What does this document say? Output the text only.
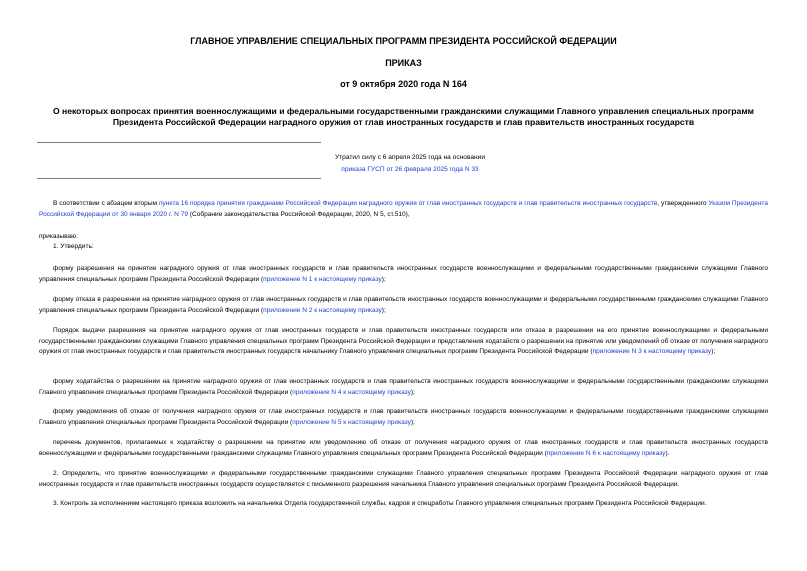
ГЛАВНОЕ УПРАВЛЕНИЕ СПЕЦИАЛЬНЫХ ПРОГРАММ ПРЕЗИДЕНТА РОССИЙСКОЙ ФЕДЕРАЦИИ
ПРИКАЗ
от 9 октября 2020 года N 164
О некоторых вопросах принятия военнослужащими и федеральными государственными гражданскими служащими Главного управления специальных программ Президента Российской Федерации наградного оружия от глав иностранных государств и глав правительств иностранных государств
Утратил силу с 6 апреля 2025 года на основании
приказа ГУСП от 26 февраля 2025 года N 33
В соответствии с абзацем вторым пункта 16 порядка принятия гражданами Российской Федерации наградного оружия от глав иностранных государств и глав правительств иностранных государств, утвержденного Указом Президента Российской Федерации от 30 января 2020 г. N 79 (Собрание законодательства Российской Федерации, 2020, N 5, ст.510),
приказываю:
1. Утвердить:
форму разрешения на принятие наградного оружия от глав иностранных государств и глав правительств иностранных государств военнослужащими и федеральными государственными гражданскими служащими Главного управления специальных программ Президента Российской Федерации (приложение N 1 к настоящему приказу);
форму отказа в разрешении на принятие наградного оружия от глав иностранных государств и глав правительств иностранных государств военнослужащими и федеральными государственными гражданскими служащими Главного управления специальных программ Президента Российской Федерации (приложение N 2 к настоящему приказу);
Порядок выдачи разрешения на принятие наградного оружия от глав иностранных государств и глав правительств иностранных государств или отказа в разрешении на его принятие военнослужащими и федеральными государственными гражданскими служащими Главного управления специальных программ Президента Российской Федерации и представления ходатайств о разрешении на принятие или уведомлений об отказе от получения наградного оружия от глав иностранных государств и глав правительств иностранных государств начальнику Главного управления специальных программ Президента Российской Федерации (приложение N 3 к настоящему приказу);
форму ходатайства о разрешении на принятие наградного оружия от глав иностранных государств и глав правительств иностранных государств военнослужащими и федеральными государственными гражданскими служащими Главного управления специальных программ Президента Российской Федерации (приложение N 4 к настоящему приказу);
форму уведомления об отказе от получения наградного оружия от глав иностранных государств и глав правительств иностранных государств военнослужащими и федеральными государственными гражданскими служащими Главного управления специальных программ Президента Российской Федерации (приложение N 5 к настоящему приказу);
перечень документов, прилагаемых к ходатайству о разрешении на принятие или уведомлению об отказе от получения наградного оружия от глав иностранных государств и глав правительств иностранных государств военнослужащими и федеральными государственными гражданскими служащими Главного управления специальных программ Президента Российской Федерации (приложение N 6 к настоящему приказу).
2. Определить, что принятие военнослужащими и федеральными государственными гражданскими служащими Главного управления специальных программ Президента Российской Федерации наградного оружия от глав иностранных государств и глав правительств иностранных государств осуществляется с письменного разрешения начальника Главного управления специальных программ Президента Российской Федерации.
3. Контроль за исполнением настоящего приказа возложить на начальника Отдела государственной службы, кадров и спецработы Главного управления специальных программ Президента Российской Федерации.
